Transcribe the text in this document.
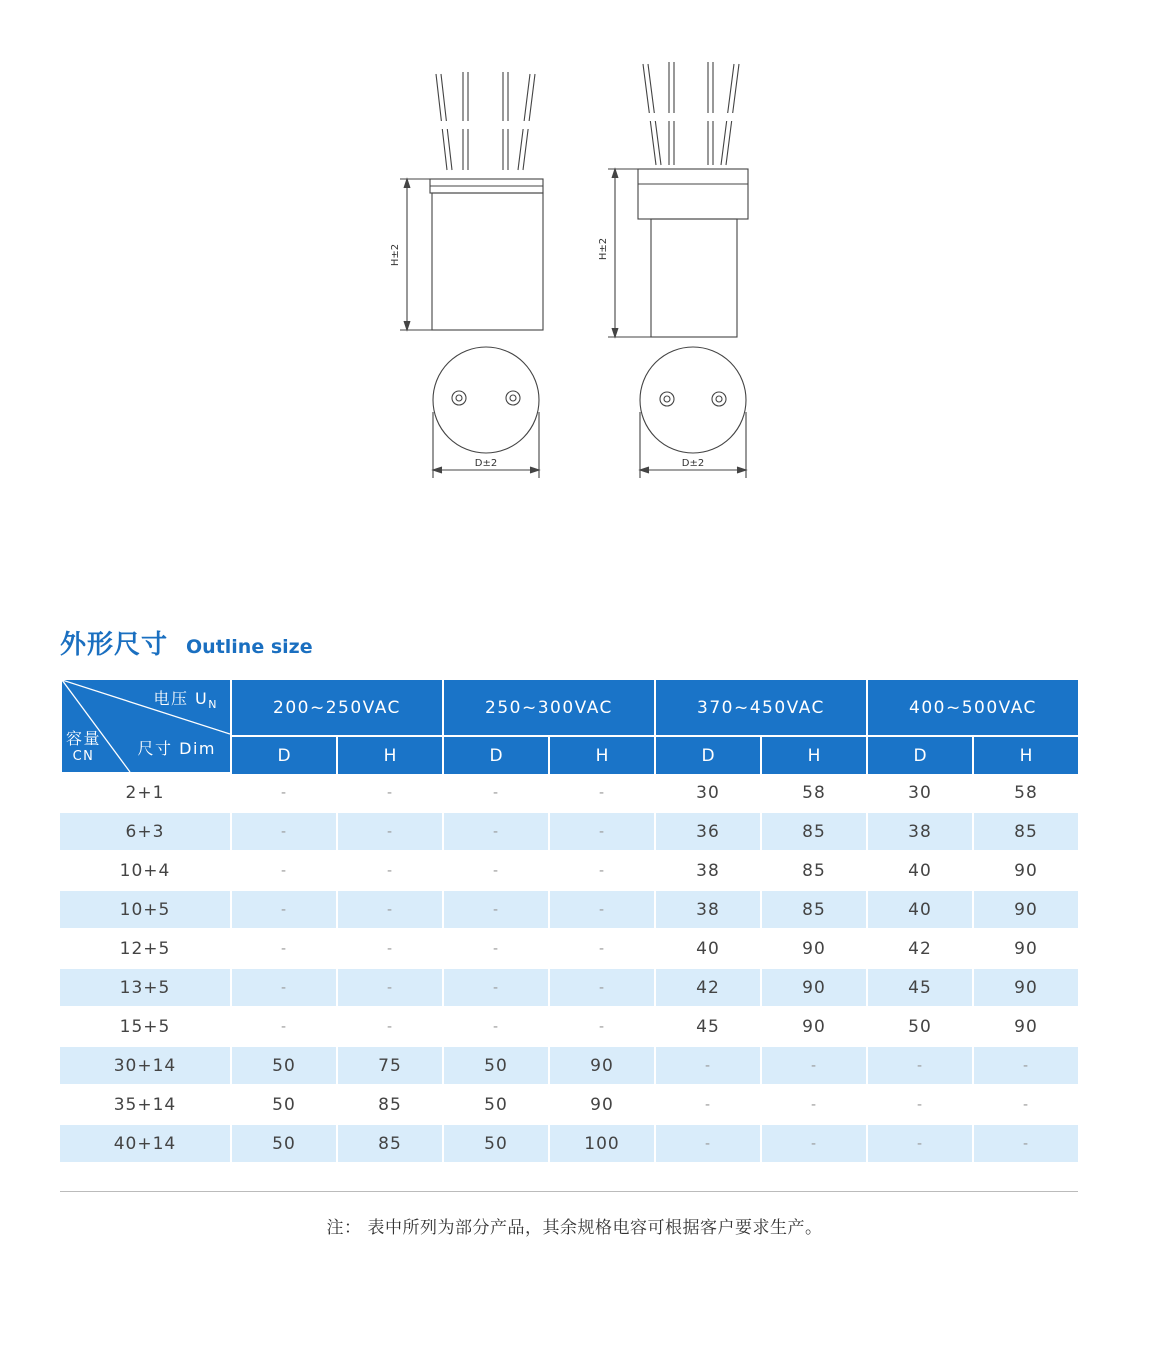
H±2
D±2
H±2
D±2
外形尺寸 Outline size
电压 $U_N$
尺寸 Dim
容量
CN	200~250VAC		250~300VAC		370~450VAC		400~500VAC	
	D	H	D	H	D	H	D	H
2+1	-	-	-	-	30	58	30	58
6+3	-	-	-	-	36	85	38	85
10+4	-	-	-	-	38	85	40	90
10+5	-	-	-	-	38	85	40	90
12+5	-	-	-	-	40	90	42	90
13+5	-	-	-	-	42	90	45	90
15+5	-	-	-	-	45	90	50	90
30+14	50	75	50	90	-	-	-	-
35+14	50	85	50	90	-	-	-	-
40+14	50	85	50	100	-	-	-	-
注： 表中所列为部分产品，其余规格电容可根据客户要求生产。
